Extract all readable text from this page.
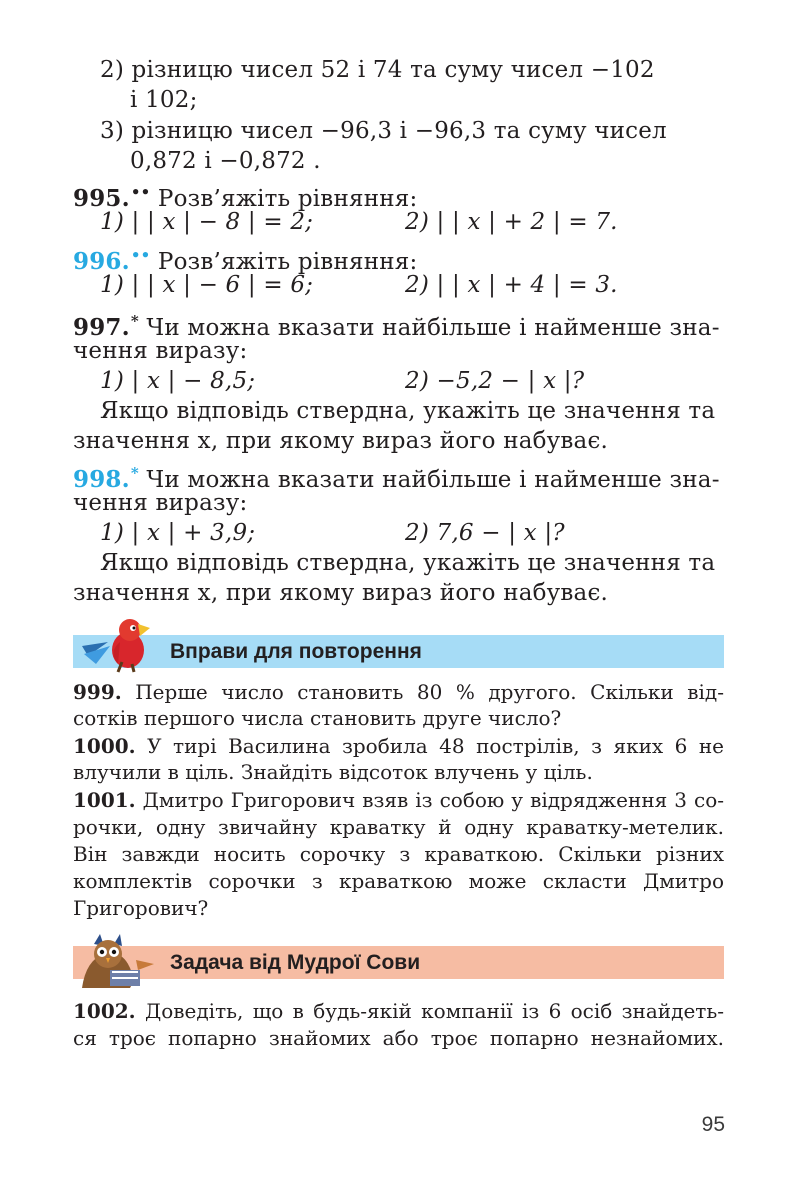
2) різницю чисел 52 і 74 та суму чисел −102
і 102;
3) різницю чисел −96,3 і −96,3 та суму чисел
0,872 і −0,872 .
995.•• Розв’яжіть рівняння:
1) | | x | − 8 | = 2;	2) | | x | + 2 | = 7.
996.•• Розв’яжіть рівняння:
1) | | x | − 6 | = 6;	2) | | x | + 4 | = 3.
997.* Чи можна вказати найбільше і найменше зна-
чення виразу:
1) | x | − 8,5;	2) −5,2 − | x |?
Якщо відповідь ствердна, укажіть це значення та
значення x, при якому вираз його набуває.
998.* Чи можна вказати найбільше і найменше зна-
чення виразу:
1) | x | + 3,9;	2) 7,6 − | x |?
Якщо відповідь ствердна, укажіть це значення та
значення x, при якому вираз його набуває.
Вправи для повторення
999. Перше число становить 80 % другого. Скільки від-
сотків першого числа становить друге число?
1000. У тирі Василина зробила 48 пострілів, з яких 6 не
влучили в ціль. Знайдіть відсоток влучень у ціль.
1001. Дмитро Григорович взяв із собою у відрядження 3 со-
рочки, одну звичайну краватку й одну краватку-метелик.
Він завжди носить сорочку з краваткою. Скільки різних
комплектів сорочки з краваткою може скласти Дмитро
Григорович?
Задача від Мудрої Сови
1002. Доведіть, що в будь-якій компанії із 6 осіб знайдеть-
ся троє попарно знайомих або троє попарно незнайомих.
95
